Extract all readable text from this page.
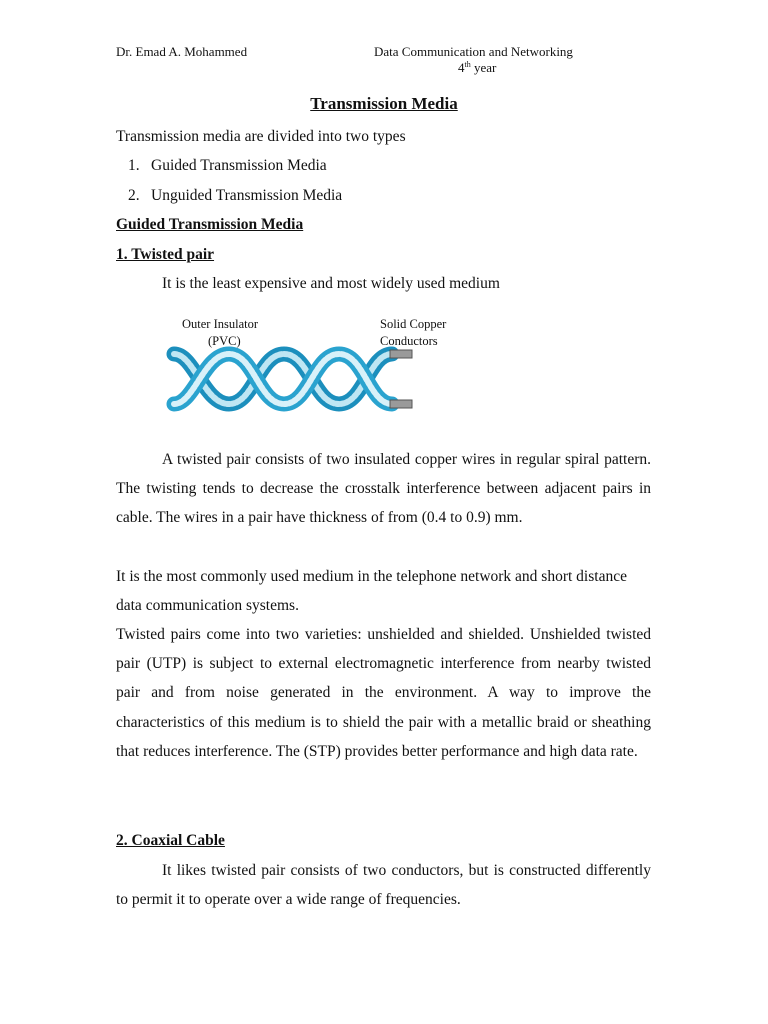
Dr. Emad A. Mohammed	Data Communication and Networking
4th year
Transmission Media
Transmission media are divided into two types
1. Guided Transmission Media
2. Unguided Transmission Media
Guided Transmission Media
1. Twisted pair
It is the least expensive and most widely used medium
Outer Insulator
(PVC)
Solid Copper
Conductors
A twisted pair consists of two insulated copper wires in regular spiral pattern. The twisting tends to decrease the crosstalk interference between adjacent pairs in cable. The wires in a pair have thickness of from (0.4 to 0.9) mm.
It is the most commonly used medium in the telephone network and short distance data communication systems.
Twisted pairs come into two varieties: unshielded and shielded. Unshielded twisted pair (UTP) is subject to external electromagnetic interference from nearby twisted pair and from noise generated in the environment. A way to improve the characteristics of this medium is to shield the pair with a metallic braid or sheathing that reduces interference. The (STP) provides better performance and high data rate.
2. Coaxial Cable
It likes twisted pair consists of two conductors, but is constructed differently to permit it to operate over a wide range of frequencies.
